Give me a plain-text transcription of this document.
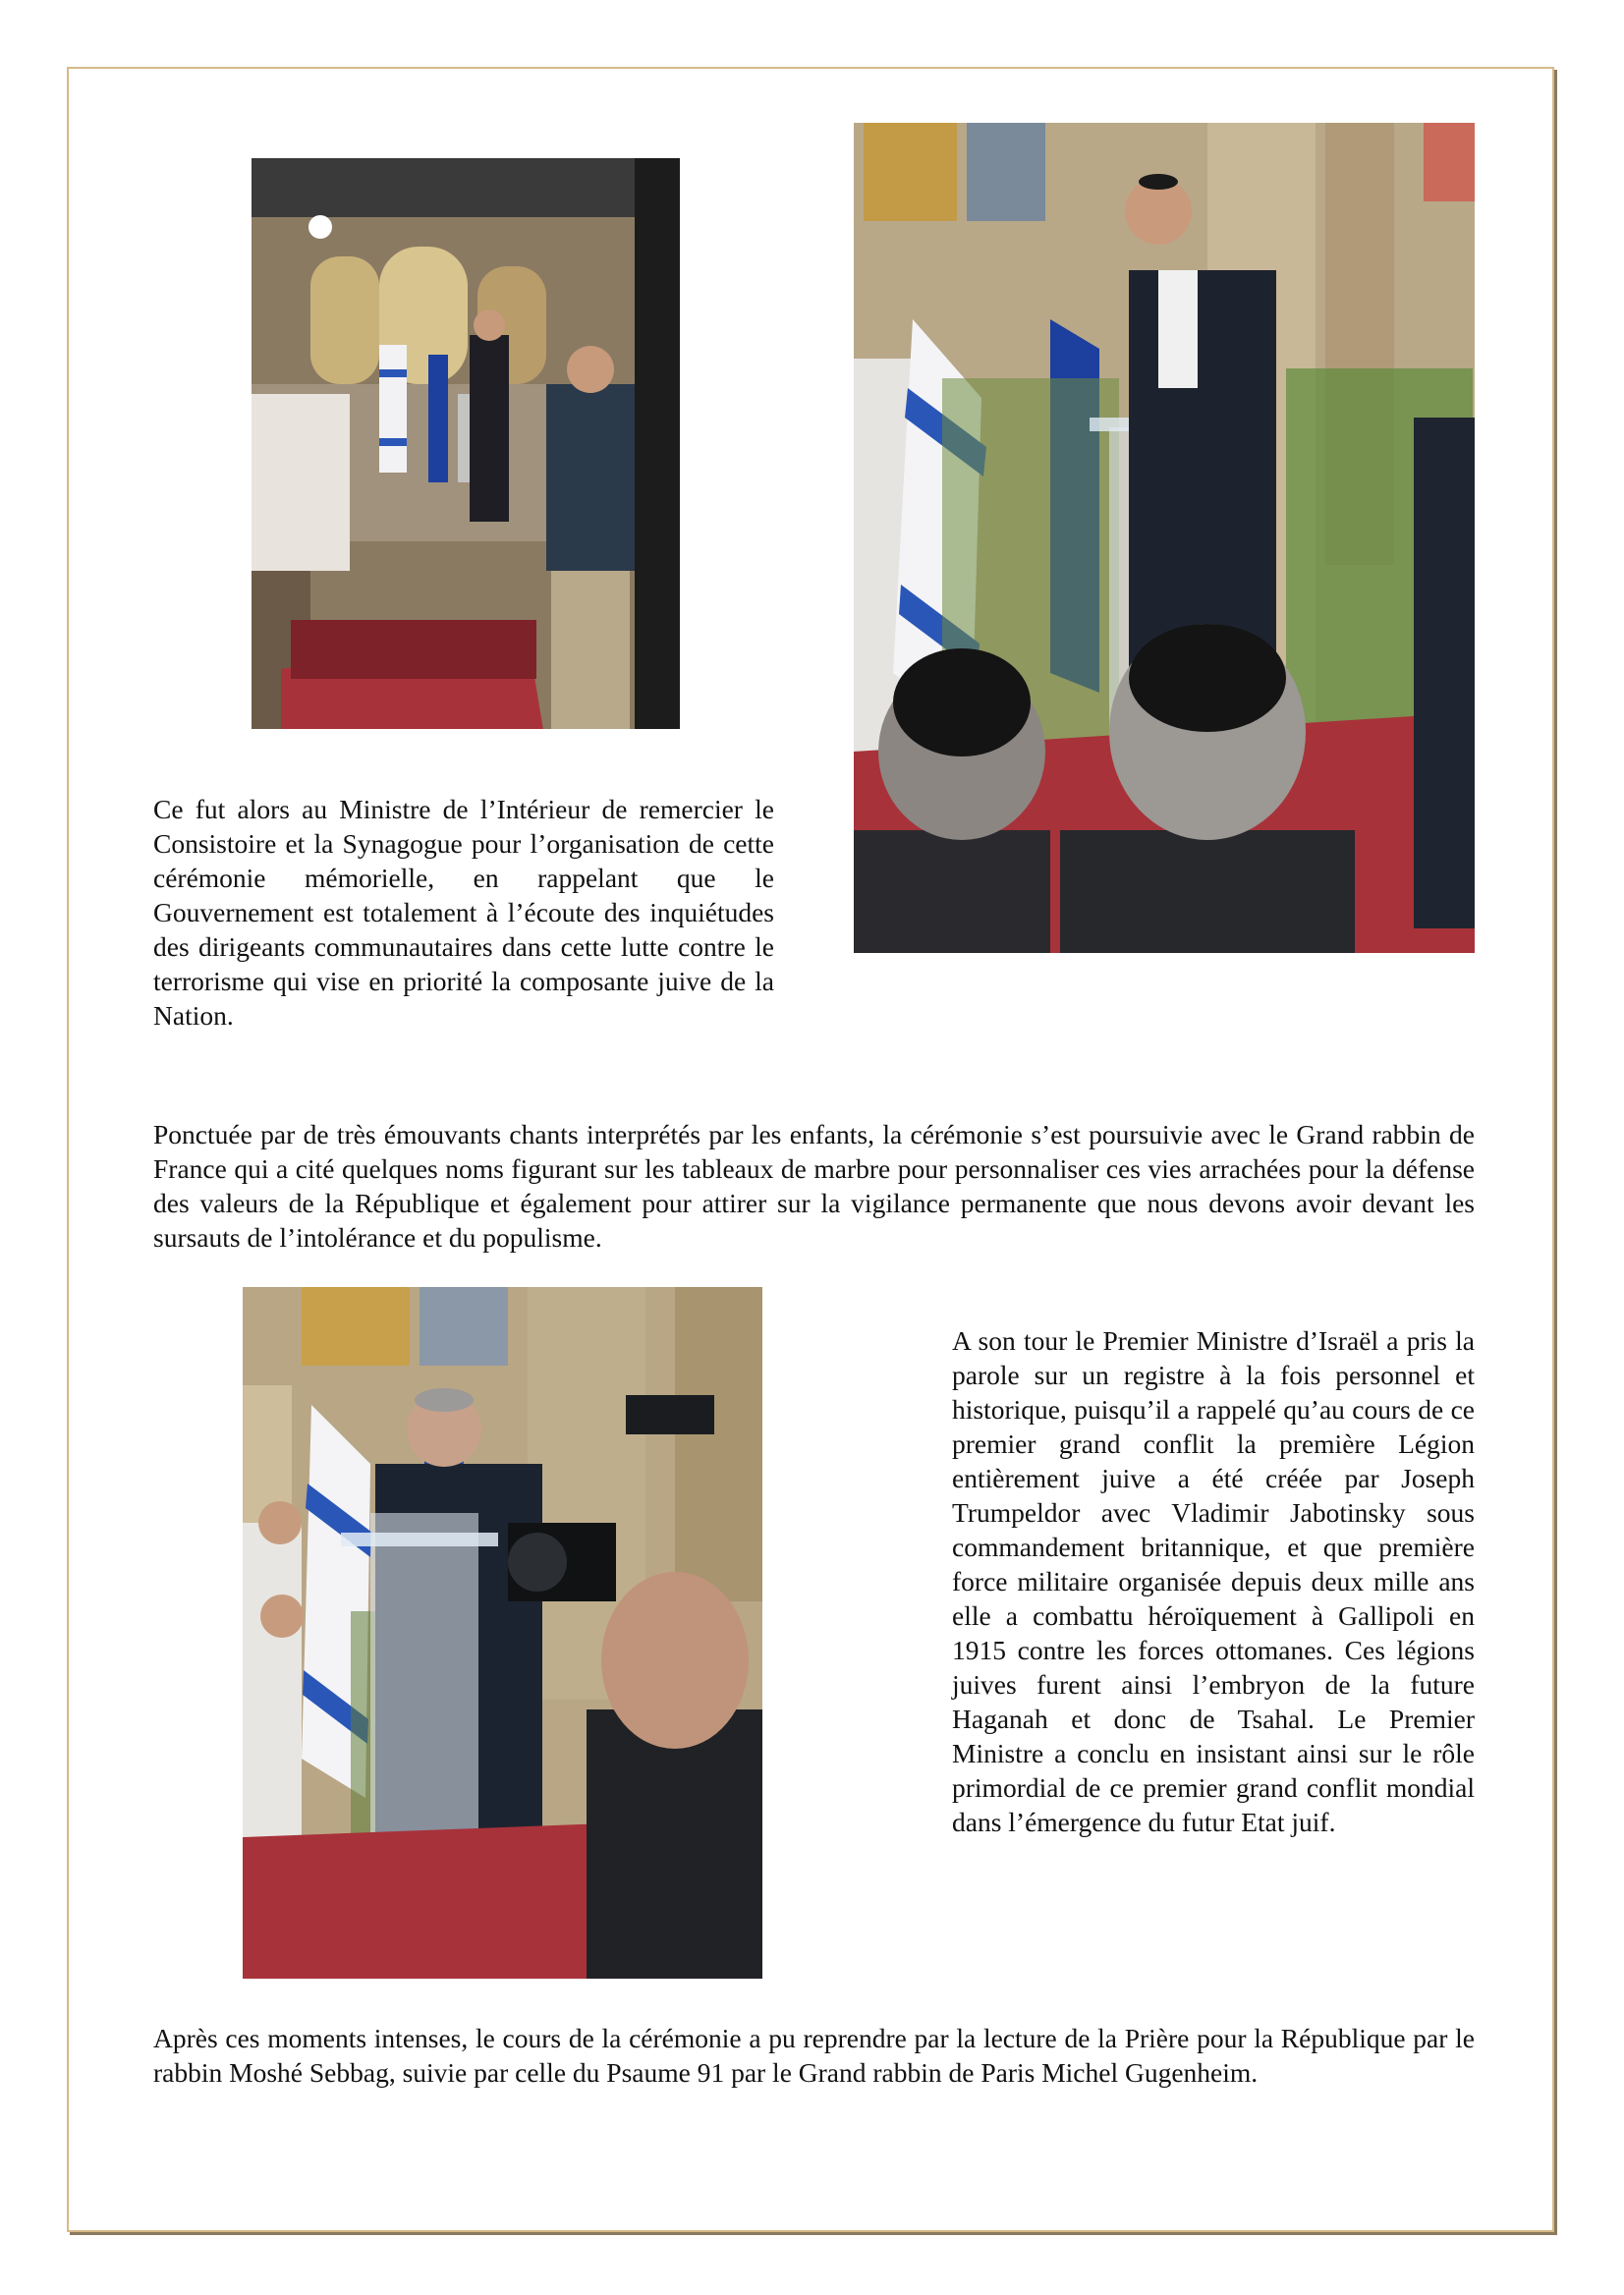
Ce fut alors au Ministre de l’Intérieur de remercier le Consistoire et la Synagogue pour l’organisation de cette cérémonie mémorielle, en rappelant que le Gouvernement est totalement à l’écoute des inquiétudes des dirigeants communautaires dans cette lutte contre le terrorisme qui vise en priorité la composante juive de la Nation.

Ponctuée par de très émouvants chants interprétés par les enfants, la cérémonie s’est poursuivie avec le Grand rabbin de France qui a cité quelques noms figurant sur les tableaux de marbre pour personnaliser ces vies arrachées pour la défense des valeurs de la République et également pour attirer sur la vigilance permanente que nous devons avoir devant les sursauts de l’intolérance et du populisme.

A son tour le Premier Ministre d’Israël a pris la parole sur un registre à la fois personnel et historique, puisqu’il a rappelé qu’au cours de ce premier grand conflit la première Légion entièrement juive a été créée par Joseph Trumpeldor avec Vladimir Jabotinsky sous commandement britannique, et que première force militaire organisée depuis deux mille ans elle a combattu héroïquement à Gallipoli en 1915 contre les forces ottomanes. Ces légions juives furent ainsi l’embryon de la future Haganah et donc de Tsahal. Le Premier Ministre a conclu en insistant ainsi sur le rôle primordial de ce premier grand conflit mondial dans l’émergence du futur Etat juif.

Après ces moments intenses, le cours de la cérémonie a pu reprendre par la lecture de la Prière pour la République par le rabbin Moshé Sebbag, suivie par celle du Psaume 91 par le Grand rabbin de Paris Michel Gugenheim.
